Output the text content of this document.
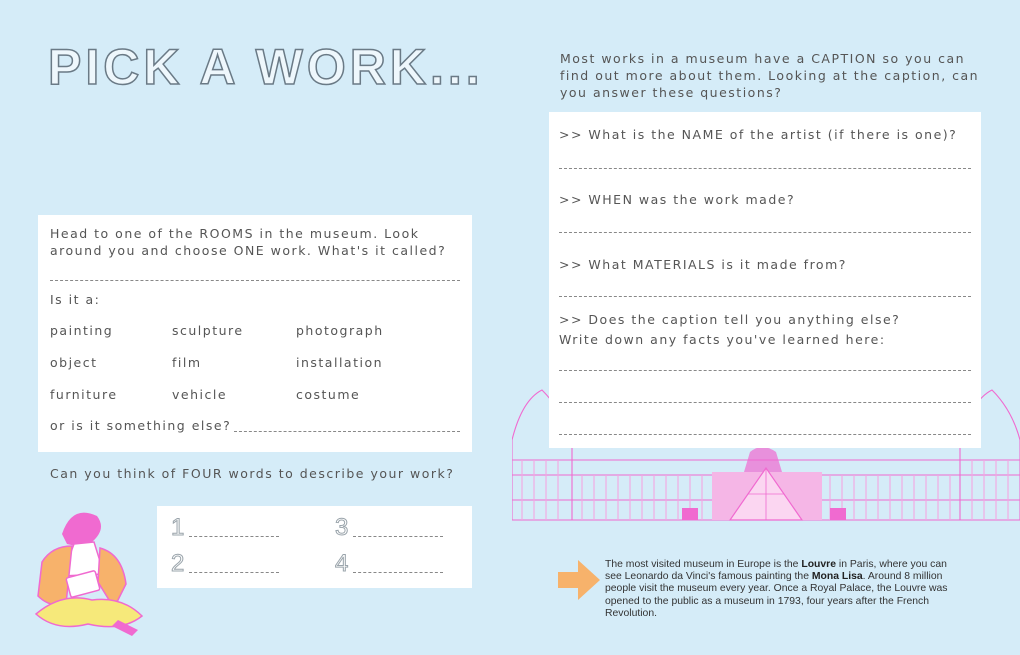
PICK A WORK...
Head to one of the ROOMS in the museum. Look around you and choose ONE work. What's it called?
Is it a:
painting	sculpture	photograph
object	film	installation
furniture	vehicle	costume
or is it something else?
Can you think of FOUR words to describe your work?
1
2
3
4
Most works in a museum have a CAPTION so you can find out more about them. Looking at the caption, can you answer these questions?
>> What is the NAME of the artist (if there is one)?
>> WHEN was the work made?
>> What MATERIALS is it made from?
>> Does the caption tell you anything else?
Write down any facts you've learned here:
The most visited museum in Europe is the Louvre in Paris, where you can see Leonardo da Vinci's famous painting the Mona Lisa. Around 8 million people visit the museum every year. Once a Royal Palace, the Louvre was opened to the public as a museum in 1793, four years after the French Revolution.
